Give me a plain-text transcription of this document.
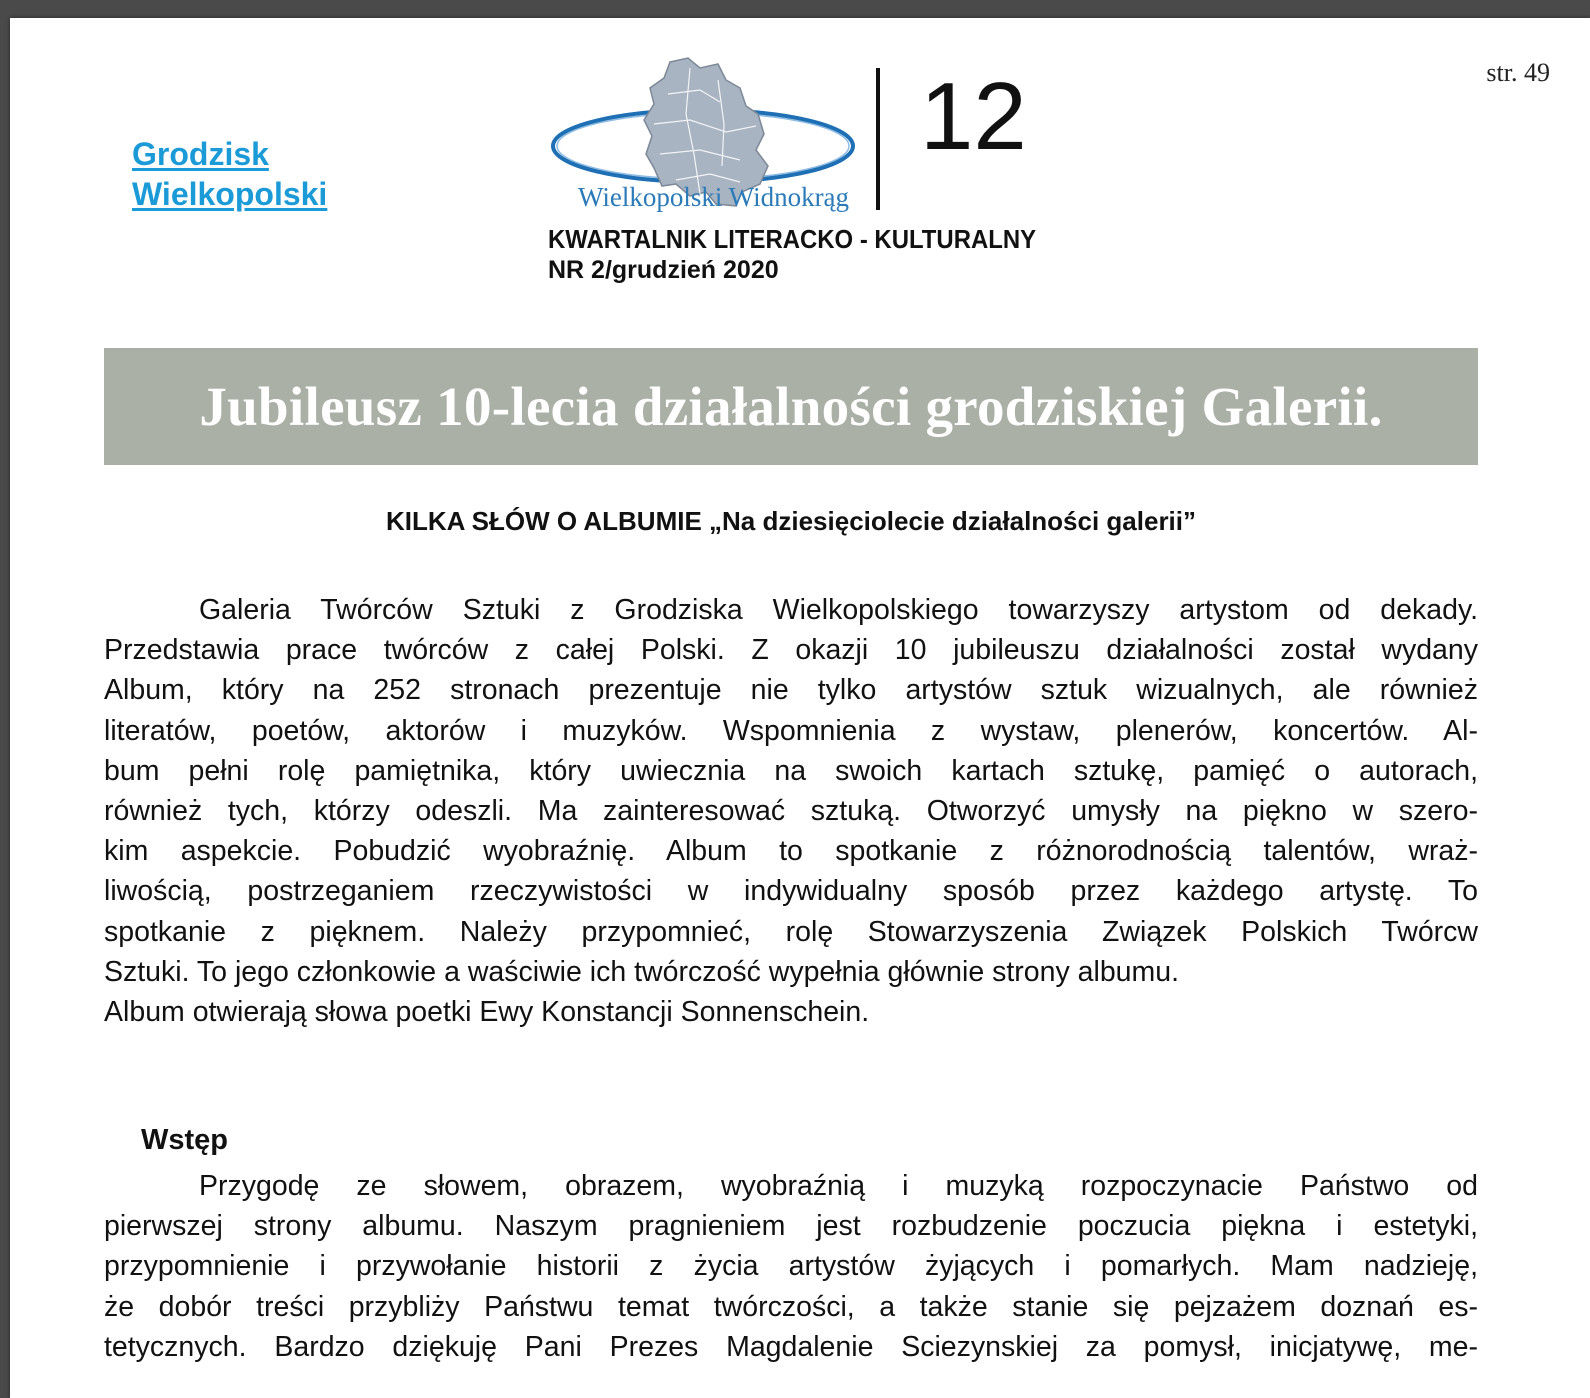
str. 49
Grodzisk
Wielkopolski	Wielkopolski Widnokrąg
12
KWARTALNIK LITERACKO - KULTURALNY
NR 2/grudzień 2020
Jubileusz 10-lecia działalności grodziskiej Galerii.
KILKA SŁÓW O ALBUMIE „Na dziesięciolecie działalności galerii”
Galeria Twórców Sztuki z Grodziska Wielkopolskiego towarzyszy artystom od dekady.
Przedstawia prace twórców z całej Polski. Z okazji 10 jubileuszu działalności został wydany
Album, który na 252 stronach prezentuje nie tylko artystów sztuk wizualnych, ale również
literatów, poetów, aktorów i muzyków. Wspomnienia z wystaw, plenerów, koncertów. Al-
bum pełni rolę pamiętnika, który uwiecznia na swoich kartach sztukę, pamięć o autorach,
również tych, którzy odeszli. Ma zainteresować sztuką. Otworzyć umysły na piękno w szero-
kim aspekcie. Pobudzić wyobraźnię. Album to spotkanie z różnorodnością talentów, wraż-
liwością, postrzeganiem rzeczywistości w indywidualny sposób przez każdego artystę. To
spotkanie z pięknem. Należy przypomnieć, rolę Stowarzyszenia Związek Polskich Twórcw
Sztuki. To jego członkowie a waściwie ich twórczość wypełnia głównie strony albumu.
Album otwierają słowa poetki Ewy Konstancji Sonnenschein.
Wstęp
Przygodę ze słowem, obrazem, wyobraźnią i muzyką rozpoczynacie Państwo od
pierwszej strony albumu. Naszym pragnieniem jest rozbudzenie poczucia piękna i estetyki,
przypomnienie i przywołanie historii z życia artystów żyjących i pomarłych. Mam nadzieję,
że dobór treści przybliży Państwu temat twórczości, a także stanie się pejzażem doznań es-
tetycznych. Bardzo dziękuję Pani Prezes Magdalenie Sciezynskiej za pomysł, inicjatywę, me-
